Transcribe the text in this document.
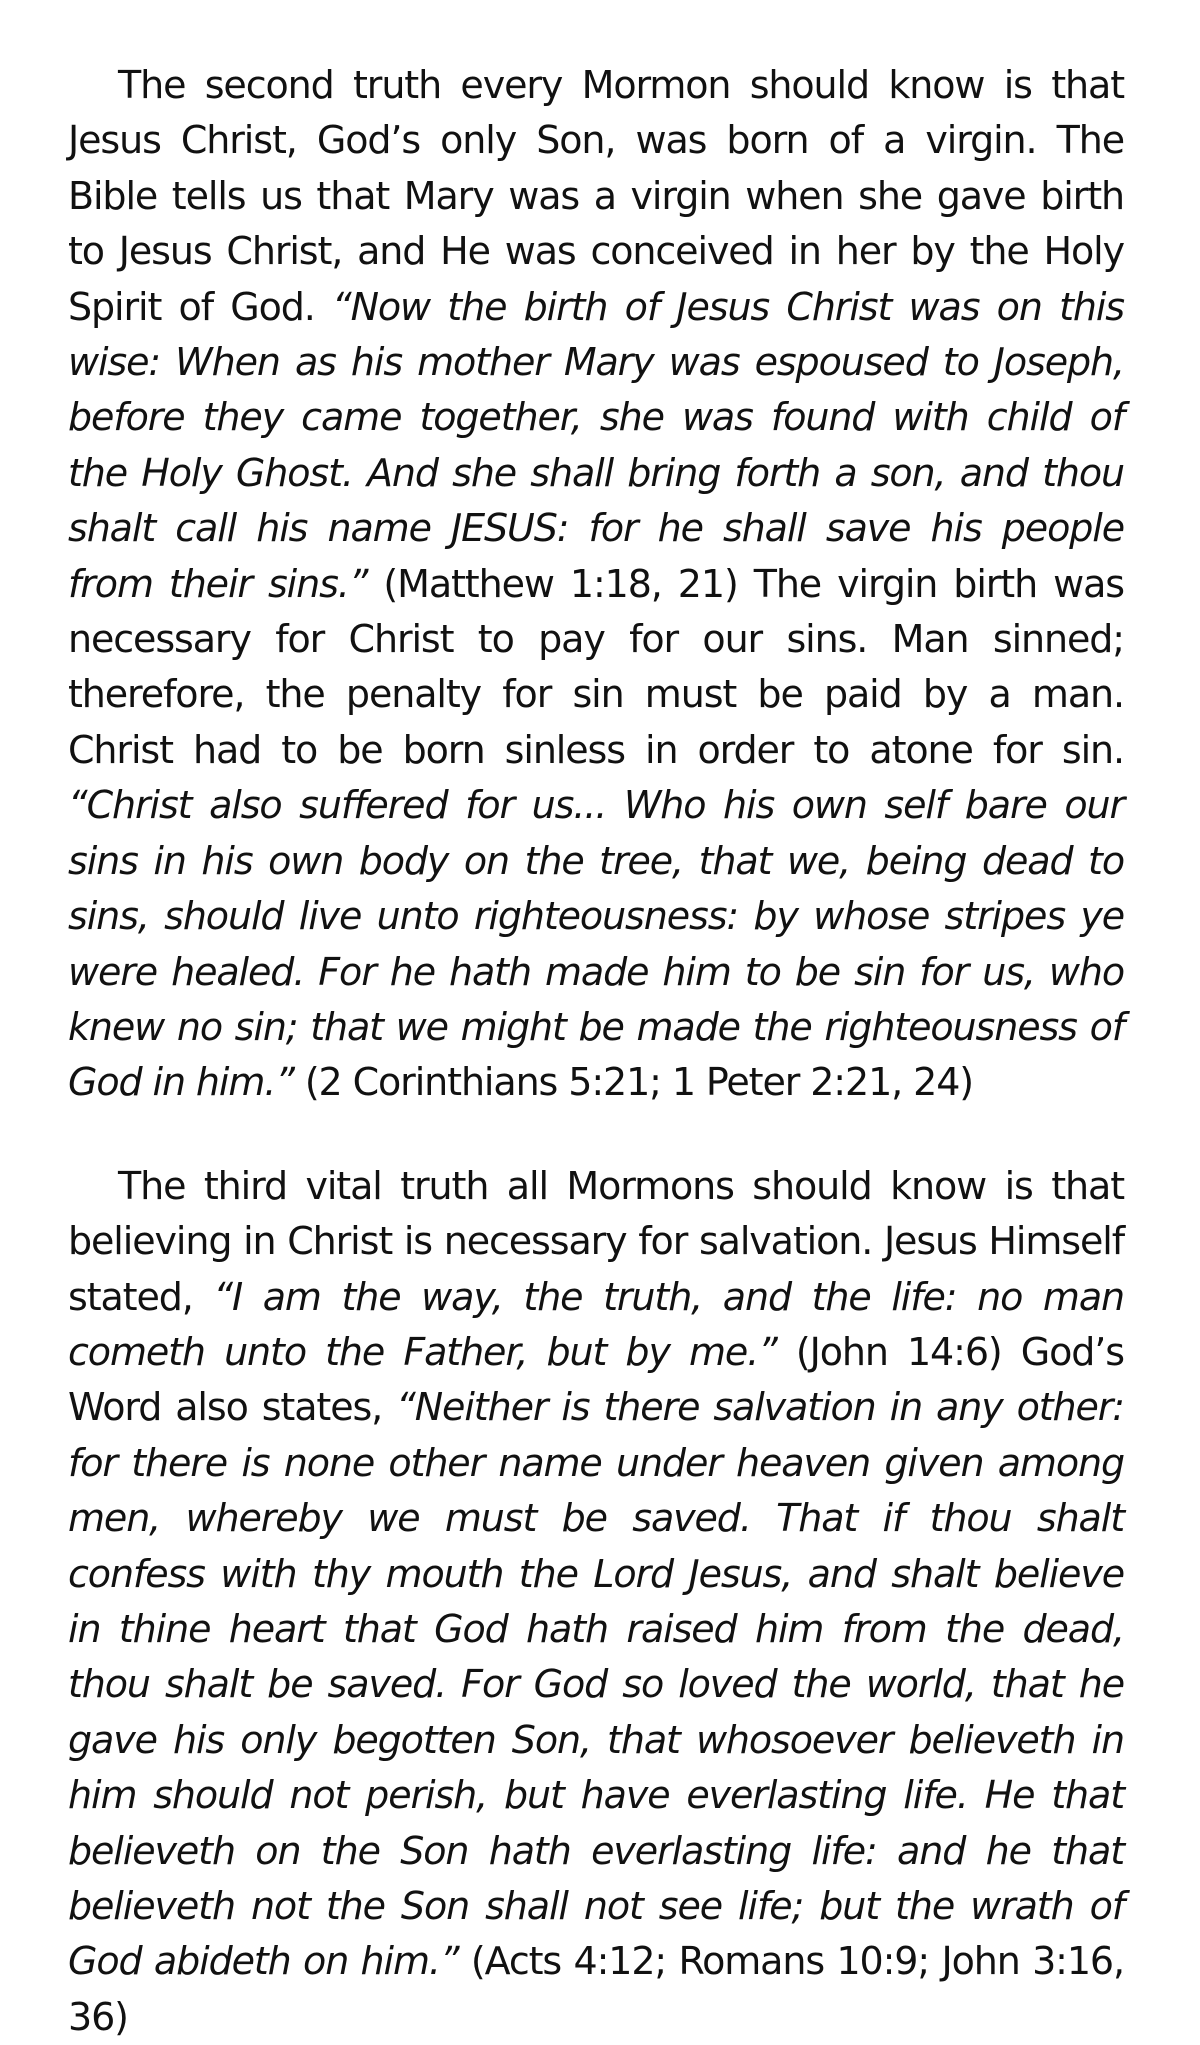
The second truth every Mormon should know is that Jesus Christ, God’s only Son, was born of a virgin. The Bible tells us that Mary was a virgin when she gave birth to Jesus Christ, and He was conceived in her by the Holy Spirit of God. “Now the birth of Jesus Christ was on this wise: When as his mother Mary was espoused to Joseph, before they came together, she was found with child of the Holy Ghost. And she shall bring forth a son, and thou shalt call his name JESUS: for he shall save his people from their sins.” (Matthew 1:18, 21) The virgin birth was necessary for Christ to pay for our sins. Man sinned; therefore, the penalty for sin must be paid by a man. Christ had to be born sinless in order to atone for sin. “Christ also suffered for us... Who his own self bare our sins in his own body on the tree, that we, being dead to sins, should live unto righteousness: by whose stripes ye were healed. For he hath made him to be sin for us, who knew no sin; that we might be made the righteousness of God in him.” (2 Corinthians 5:21; 1 Peter 2:21, 24)

The third vital truth all Mormons should know is that believing in Christ is necessary for salvation. Jesus Himself stated, “I am the way, the truth, and the life: no man cometh unto the Father, but by me.” (John 14:6) God’s Word also states, “Neither is there salvation in any other: for there is none other name under heaven given among men, whereby we must be saved. That if thou shalt confess with thy mouth the Lord Jesus, and shalt believe in thine heart that God hath raised him from the dead, thou shalt be saved. For God so loved the world, that he gave his only begotten Son, that whosoever believeth in him should not perish, but have everlasting life. He that believeth on the Son hath everlasting life: and he that believeth not the Son shall not see life; but the wrath of God abideth on him.” (Acts 4:12; Romans 10:9; John 3:16, 36)
